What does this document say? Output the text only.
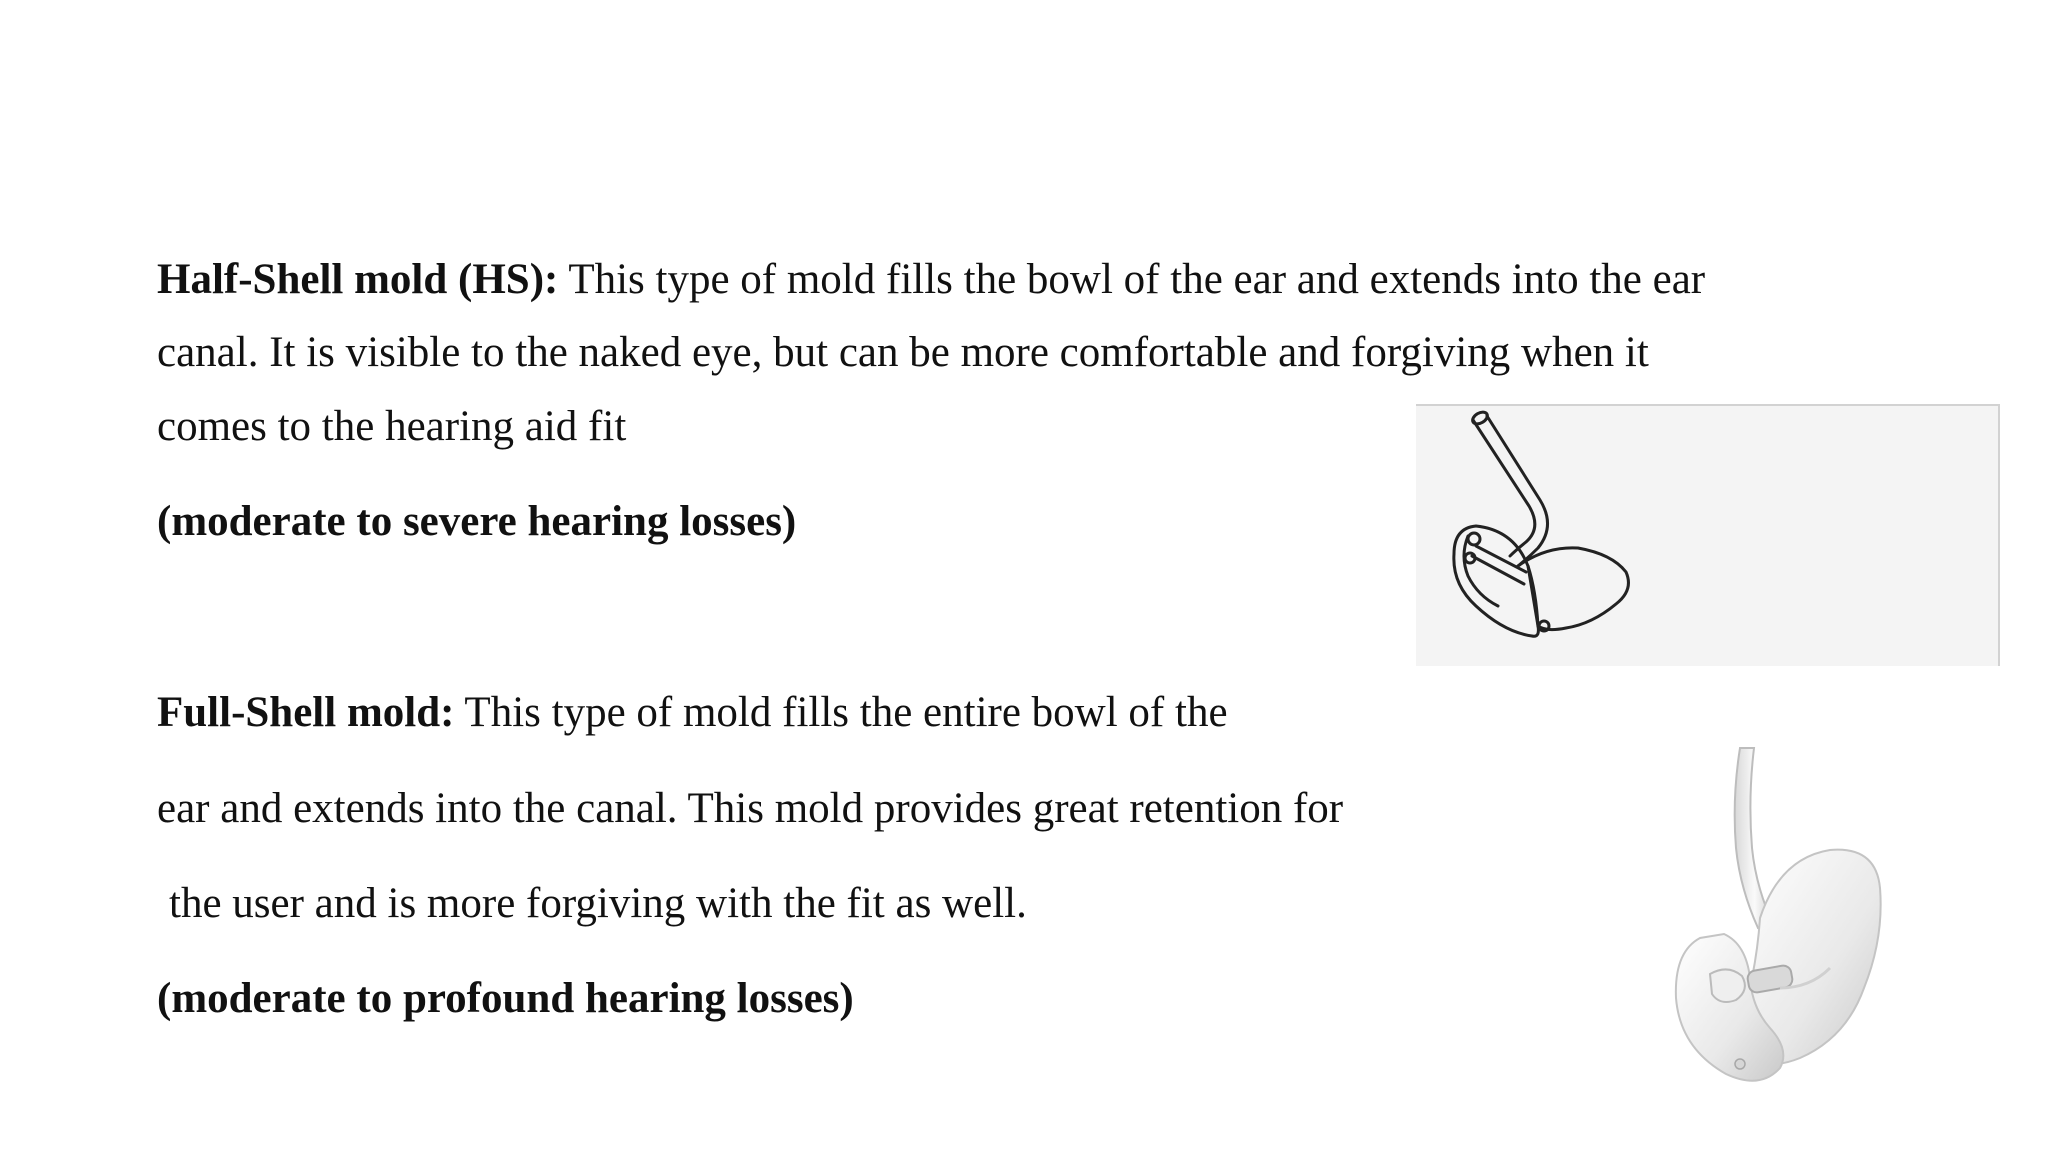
Half-Shell mold (HS): This type of mold fills the bowl of the ear and extends into the ear
canal. It is visible to the naked eye, but can be more comfortable and forgiving when it
comes to the hearing aid fit
(moderate to severe hearing losses)
Full-Shell mold: This type of mold fills the entire bowl of the
ear and extends into the canal. This mold provides great retention for
the user and is more forgiving with the fit as well.
(moderate to profound hearing losses)
